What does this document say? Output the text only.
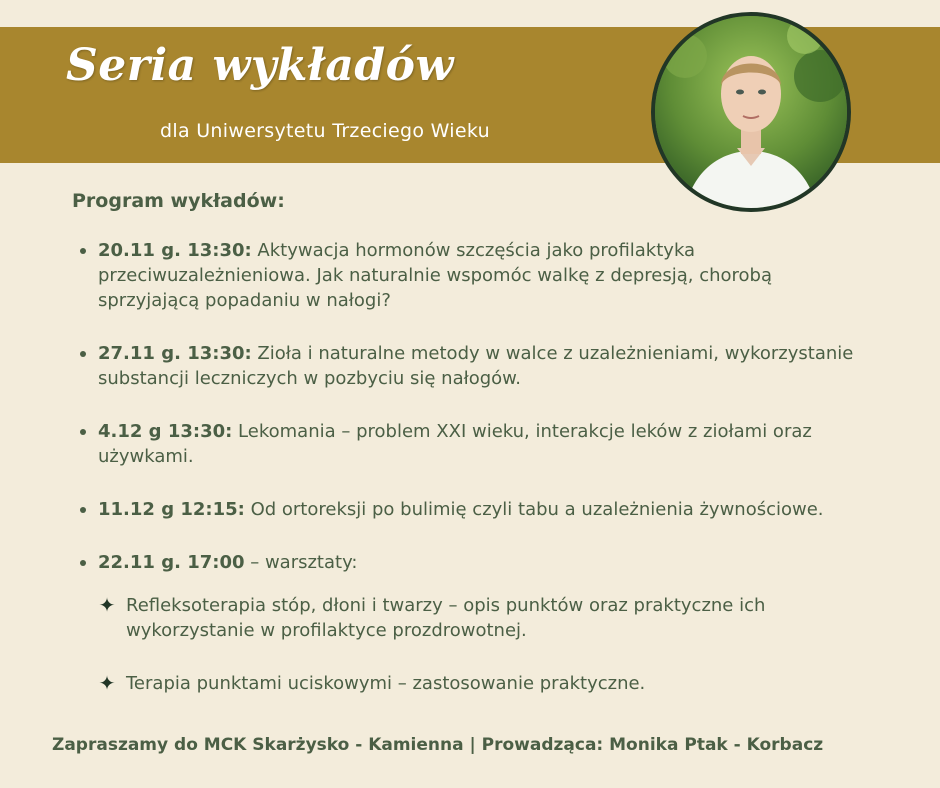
Seria wykładów
dla Uniwersytetu Trzeciego Wieku
Program wykładów:
20.11 g. 13:30: Aktywacja hormonów szczęścia jako profilaktyka przeciwuzależnieniowa. Jak naturalnie wspomóc walkę z depresją, chorobą sprzyjającą popadaniu w nałogi?
27.11 g. 13:30: Zioła i naturalne metody w walce z uzależnieniami, wykorzystanie substancji leczniczych w pozbyciu się nałogów.
4.12 g 13:30: Lekomania – problem XXI wieku, interakcje leków z ziołami oraz używkami.
11.12 g 12:15: Od ortoreksji po bulimię czyli tabu a uzależnienia żywnościowe.
22.11 g. 17:00 – warsztaty:
✦ Refleksoterapia stóp, dłoni i twarzy – opis punktów oraz praktyczne ich wykorzystanie w profilaktyce prozdrowotnej.
✦ Terapia punktami uciskowymi – zastosowanie praktyczne.
Zapraszamy do MCK Skarżysko - Kamienna | Prowadząca: Monika Ptak - Korbacz
